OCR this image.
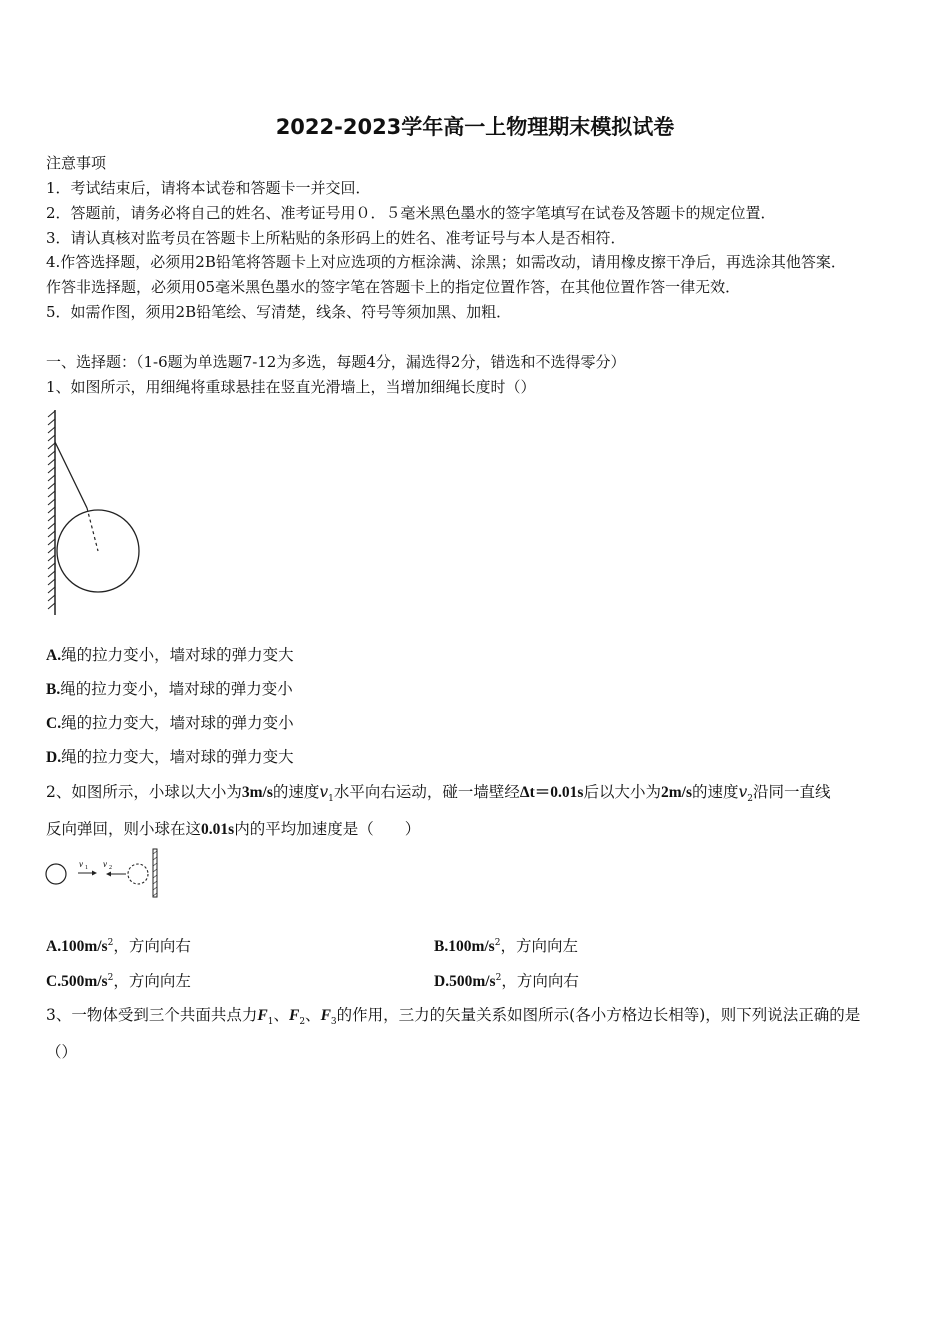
2022-2023学年高一上物理期末模拟试卷
注意事项
1．考试结束后，请将本试卷和答题卡一并交回．
2．答题前，请务必将自己的姓名、准考证号用０．５毫米黑色墨水的签字笔填写在试卷及答题卡的规定位置．
3．请认真核对监考员在答题卡上所粘贴的条形码上的姓名、准考证号与本人是否相符．
4.作答选择题，必须用2B铅笔将答题卡上对应选项的方框涂满、涂黑；如需改动，请用橡皮擦干净后，再选涂其他答案．
作答非选择题，必须用05毫米黑色墨水的签字笔在答题卡上的指定位置作答，在其他位置作答一律无效．
5．如需作图，须用2B铅笔绘、写清楚，线条、符号等须加黑、加粗．
一、选择题：（1-6题为单选题7-12为多选，每题4分，漏选得2分，错选和不选得零分）
1、如图所示，用细绳将重球悬挂在竖直光滑墙上，当增加细绳长度时（）
A.绳的拉力变小，墙对球的弹力变大
B.绳的拉力变小，墙对球的弹力变小
C.绳的拉力变大，墙对球的弹力变小
D.绳的拉力变大，墙对球的弹力变大
2、如图所示，小球以大小为3m/s的速度$v_1$水平向右运动，碰一墙壁经Δt＝0.01s后以大小为2m/s的速度$v_2$沿同一直线
反向弹回，则小球在这0.01s内的平均加速度是（　　）
v 1 v 2
$A.100m/s^2$，方向向右	$B.100m/s^2$，方向向左
$C.500m/s^2$，方向向左	$D.500m/s^2$，方向向右
3、一物体受到三个共面共点力$F_1$、$F_2$、$F_3$的作用，三力的矢量关系如图所示(各小方格边长相等)，则下列说法正确的是
（）
